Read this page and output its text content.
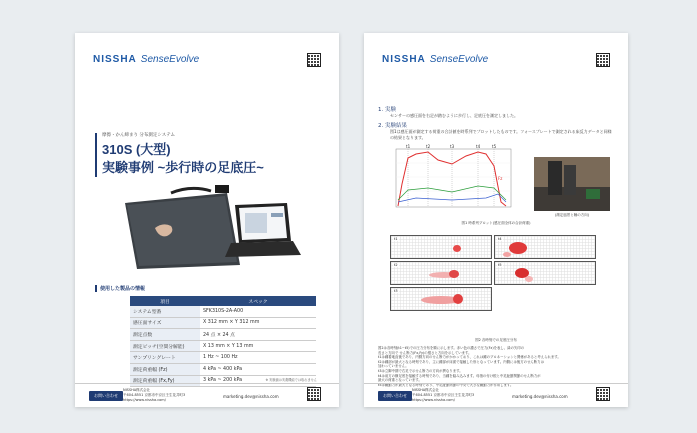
NISSHA SenseEvolve
摩擦・かん締まり 分布測定システム
310S (大型)
実験事例 ~歩行時の足底圧~
使用した製品の情報
項目	スペック
システム型番	SFK310S-2A-A00
感圧面サイズ	X 312 mm × Y 312 mm
測定点数	24 点 × 24 点
測定ピッチ(空間分解能)	X 13 mm × Y 13 mm
サンプリングレート	1 Hz ~ 100 Hz
測定荷重幅 (Fz)	4 kPa ~ 400 kPa
測定荷重幅 (Fx,Fy)	3 kPa ~ 200 kPa	※ 実験値は実測機能では取れません
お問い合わせ
NISSHA株式会社
〒604-8551 京都市中京区壬生花井町3
https://www.nissha.com/
marketing.dev@nissha.com
NISSHA SenseEvolve
1. 実験
センサーの感圧面を右足が踏むように歩行し、足底圧を測定しました。
2. 実験結果
図1は感圧面が測定する荷重の合計値を時系列でプロットしたものです。フォースプレートで測定される床反力データと同様の結果となります。
t1	t2	t3	t4	t5
Fz
(測定風景と軸の方向)
図1 時系列プロット(感圧面全体の合計荷重)
t1	t4
t2	t5
t3
図2 各時刻での足底圧分布
図2は各時刻(t1~t5)での圧力分布を順に示します。赤い色の濃さで圧力(Fz)を表し、緑の矢印の
長さと方向で せん断力(Fx,Fy)の強さと方向を示しています。
t1は踵着地直後であり、内側方向のせん断力がかかっており、これは踵のプロネーションと関係があると考えられます。
t2は踵部が最大となる時刻であり、主に踵部が床面で接触した形となっています。内側には後方のせん断力は
加わっていません。
t3は立脚中期で右足で示せん断力の方向が異なります。
t4は前方の横足底を接触する時刻であり、当踵を踏み込みます。母指の付け根と中足趾節関節のせん断力が
最大の荷重となっています。
t5は蹴動力が最大となる時刻であり、中足趾節関節の中央で大きな蹴動力が作用します。
お問い合わせ
NISSHA株式会社
〒604-8551 京都市中京区壬生花井町3
https://www.nissha.com/
marketing.dev@nissha.com
